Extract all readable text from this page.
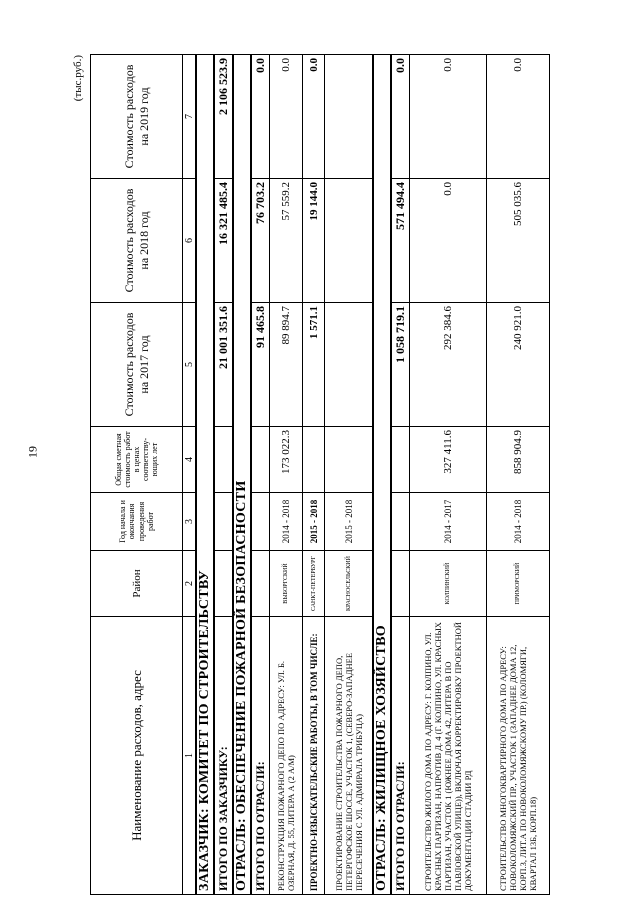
19
(тыс.руб.)
Наименование расходов, адрес	Район	Год начала и окончания проведения работ	Общая сметная стоимость работ в ценах соответству-ющих лет	Стоимость расходов на 2017 год	Стоимость расходов на 2018 год	Стоимость расходов на 2019 год
1	2	3	4	5	6	7
ЗАКАЗЧИК: КОМИТЕТ ПО СТРОИТЕЛЬСТВУ						
ИТОГО ПО ЗАКАЗЧИКУ:				21 001 351.6	16 321 485.4	2 106 523.9
ОТРАСЛЬ: ОБЕСПЕЧЕНИЕ ПОЖАРНОЙ БЕЗОПАСНОСТИ						
ИТОГО ПО ОТРАСЛИ:				91 465.8	76 703.2	0.0
РЕКОНСТРУКЦИЯ ПОЖАРНОГО ДЕПО ПО АДРЕСУ: УЛ. Б. ОЗЕРНАЯ, Д. 55, ЛИТЕРА А (2 А/М)	ВЫБОРГСКИЙ	2014 - 2018	173 022.3	89 894.7	57 559.2	0.0
ПРОЕКТНО-ИЗЫСКАТЕЛЬСКИЕ РАБОТЫ, В ТОМ ЧИСЛЕ:	САНКТ-ПЕТЕРБУРГ	2015 - 2018		1 571.1	19 144.0	0.0
ПРОЕКТИРОВАНИЕ СТРОИТЕЛЬСТВА ПОЖАРНОГО ДЕПО, ПЕТЕРГОФСКОЕ ШОССЕ, УЧАСТОК 1, (СЕВЕРО-ЗАПАДНЕЕ ПЕРЕСЕЧЕНИЯ С УЛ. АДМИРАЛА ТРИБУЦА)	КРАСНОСЕЛЬСКИЙ	2015 - 2018				
ОТРАСЛЬ: ЖИЛИЩНОЕ ХОЗЯЙСТВО						
ИТОГО ПО ОТРАСЛИ:				1 058 719.1	571 494.4	0.0
СТРОИТЕЛЬСТВО ЖИЛОГО ДОМА ПО АДРЕСУ: Г. КОЛПИНО, УЛ. КРАСНЫХ ПАРТИЗАН, НАПРОТИВ Д. 4 (Г. КОЛПИНО, УЛ. КРАСНЫХ ПАРТИЗАН, УЧАСТОК 1 (ЮЖНЕЕ ДОМА 42, ЛИТЕРА В ПО ПАВЛОВСКОЙ УЛИЦЕ)), ВКЛЮЧАЯ КОРРЕКТИРОВКУ ПРОЕКТНОЙ ДОКУМЕНТАЦИИ СТАДИИ РД	КОЛПИНСКИЙ	2014 - 2017	327 411.6	292 384.6	0.0	0.0
СТРОИТЕЛЬСТВО МНОГОКВАРТИРНОГО ДОМА ПО АДРЕСУ: НОВОКОЛОМЯЖСКИЙ ПР., УЧАСТОК 1 (ЗАПАДНЕЕ ДОМА 12, КОРП.3, ЛИТ.А ПО НОВОКОЛОМЯЖСКОМУ ПР.) (КОЛОМЯГИ, КВАРТАЛ 13Б, КОРП.18)	ПРИМОРСКИЙ	2014 - 2018	858 904.9	240 921.0	505 035.6	0.0
